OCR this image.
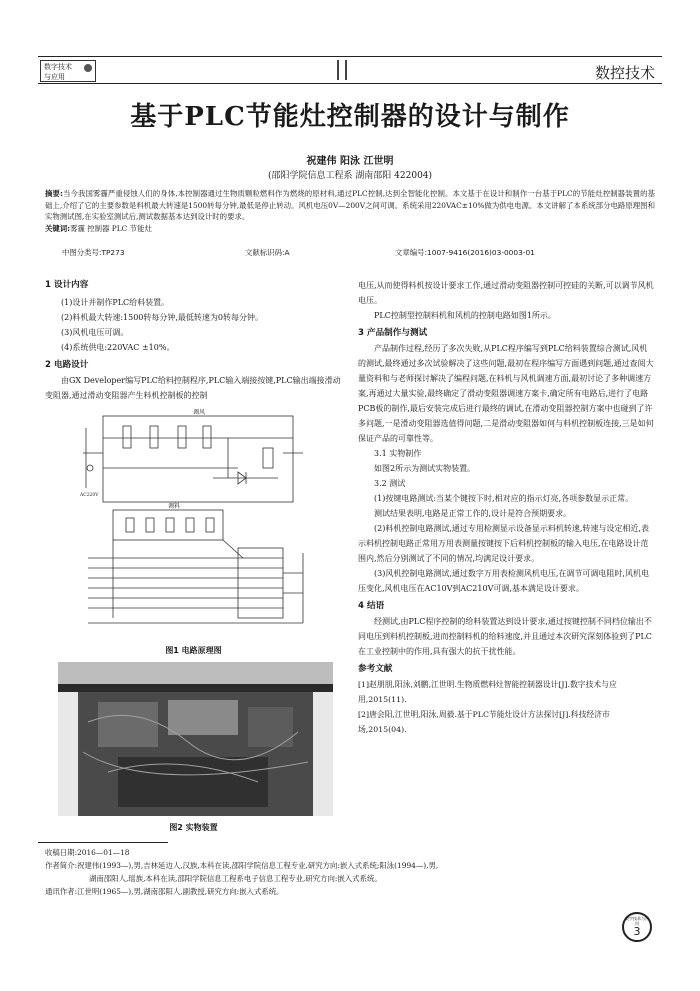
数字技术
与应用	数控技术
基于PLC节能灶控制器的设计与制作
祝建伟 阳泳 江世明
(邵阳学院信息工程系 湖南邵阳 422004)
摘要:当今我国雾霾严重侵蚀人们的身体,本控制器通过生物质颗粒燃料作为燃烧的原材料,通过PLC控制,达到全智能化控制。本文基于在设计和制作一台基于PLC的节能灶控制器装置的基础上,介绍了它的主要参数是料机最大转速是1500转每分钟,最低是停止转动。风机电压0V—200V之间可调。系统采用220VAC±10%做为供电电源。本文讲解了本系统部分电路原理图和实物测试图,在实验室测试后,测试数据基本达到设计时的要求。
关键词:雾霾 控制器 PLC 节能灶
中图分类号:TP273	文献标识码:A	文章编号:1007-9416(2016)03-0003-01

1 设计内容

(1)设计并制作PLC给料装置。

(2)料机最大转速:1500转每分钟,最低转速为0转每分钟。

(3)风机电压可调。

(4)系统供电:220VAC ±10%。

2 电路设计

由GX Developer编写PLC给料控制程序,PLC输入端接按键,PLC输出端接滑动变阻器,通过滑动变阻器产生料机控制板的控制

调风
调料
AC220V
图1 电路原理图
图2 实物装置

电压,从而使得料机按设计要求工作,通过滑动变阻器控制可控硅的关断,可以调节风机电压。

PLC控制型控制料机和风机的控制电路如图1所示。

3 产品制作与测试

产品制作过程,经历了多次失败,从PLC程序编写到PLC给料装置综合测试,风机的测试,最终通过多次试验解决了这些问题,最初在程序编写方面遇到问题,通过查阅大量资料和与老师探讨解决了编程问题,在料机与风机调速方面,最初讨论了多种调速方案,再通过大量实验,最终确定了滑动变阻器调速方案卡,确定所有电路后,进行了电路PCB板的制作,最后安装完成后进行最终的调试,在滑动变阻器控制方案中也碰到了许多问题,一是滑动变阻器选值得问题,二是滑动变阻器如何与料机控制板连接,三是如何保证产品的可靠性等。

3.1 实物制作

如图2所示为测试实物装置。

3.2 测试

(1)按键电路测试:当某个键按下时,相对应的指示灯亮,各项参数显示正常。

测试结果表明,电路是正常工作的,设计是符合预期要求。

(2)料机控制电路测试,通过专用检测显示设备显示料机转速,转速与设定相近,表示料机控制电路正常用万用表测量按键按下后料机控制板的输入电压,在电路设计范围内,然后分别测试了不同的情况,均满足设计要求。

(3)风机控制电路测试,通过数字万用表检测风机电压,在调节可调电阻时,风机电压变化,风机电压在AC10V到AC210V可调,基本满足设计要求。

4 结语

经测试,由PLC程序控制的给料装置达到设计要求,通过按键控制不同档位输出不同电压到料机控制板,进而控制料机的给料速度,并且通过本次研究深刻体验到了PLC在工业控制中的作用,具有强大的抗干扰性能。

参考文献

[1]赵朋朋,阳泳,刘鹏,江世明.生物质燃料灶智能控制器设计[J].数字技术与应用,2015(11).

[2]唐会阳,江世明,阳泳,周毅.基于PLC节能灶设计方法探讨[J].科技经济市场,2015(04).

收稿日期:2016—01—18
作者简介:祝建伟(1993—),男,吉林延边人,汉族,本科在读,邵阳学院信息工程专业,研究方向:嵌入式系统;阳泳(1994—),男,
湖南邵阳人,瑶族,本科在读,邵阳学院信息工程系电子信息工程专业,研究方向:嵌入式系统。
通讯作者:江世明(1965—),男,湖南邵阳人,副教授,研究方向:嵌入式系统。
数字技术与应用
3
